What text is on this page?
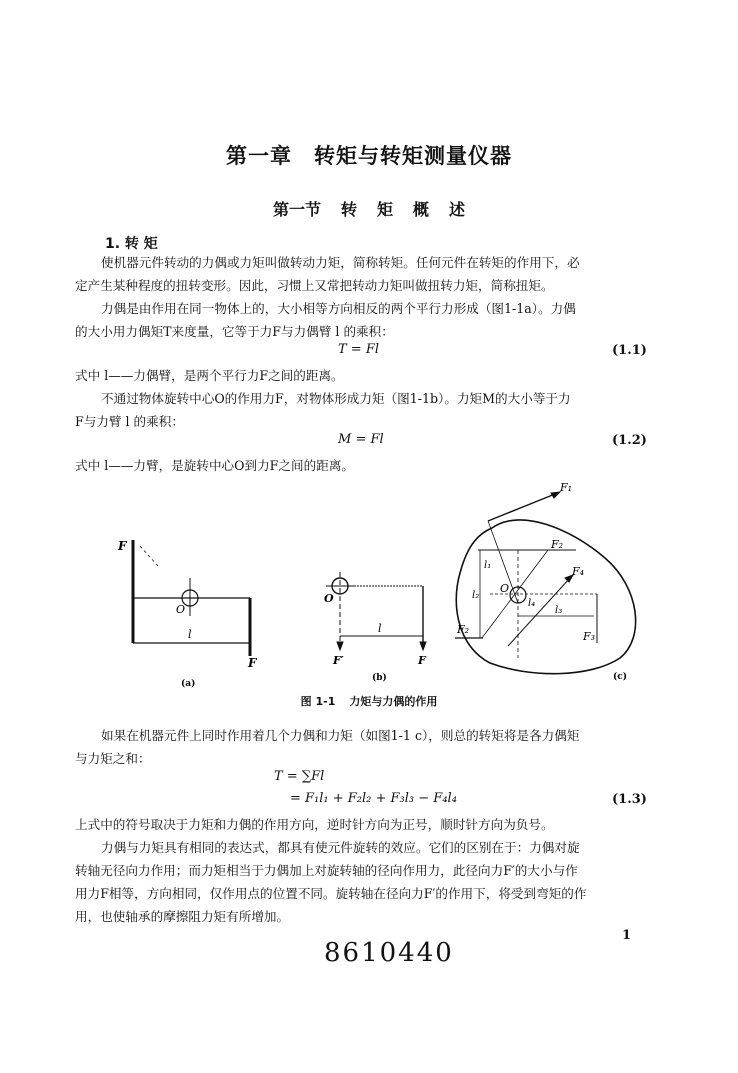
第一章 转矩与转矩测量仪器
第一节 转 矩 概 述
1. 转 矩
使机器元件转动的力偶或力矩叫做转动力矩，简称转矩。任何元件在转矩的作用下，必
定产生某种程度的扭转变形。因此，习惯上又常把转动力矩叫做扭转力矩，简称扭矩。
力偶是由作用在同一物体上的，大小相等方向相反的两个平行力形成（图1-1a）。力偶
的大小用力偶矩T来度量，它等于力F与力偶臂 l 的乘积：
T = Fl	(1.1)
式中 l——力偶臂，是两个平行力F之间的距离。
不通过物体旋转中心O的作用力F，对物体形成力矩（图1-1b）。力矩M的大小等于力
F与力臂 l 的乘积：
M = Fl	(1.2)
式中 l——力臂，是旋转中心O到力F之间的距离。
F
F
O
l
(a)
O
l
F′	F
(b)
F₁
F₂
F₂
F₃
F₄
O
l₁
l₂
l₃
l₄
(c)
图 1-1 力矩与力偶的作用
如果在机器元件上同时作用着几个力偶和力矩（如图1-1 c），则总的转矩将是各力偶矩
与力矩之和：
T = ∑Fl
= F₁l₁ + F₂l₂ + F₃l₃ − F₄l₄	(1.3)
上式中的符号取决于力矩和力偶的作用方向，逆时针方向为正号，顺时针方向为负号。
力偶与力矩具有相同的表达式，都具有使元件旋转的效应。它们的区别在于：力偶对旋
转轴无径向力作用；而力矩相当于力偶加上对旋转轴的径向作用力，此径向力F′的大小与作
用力F相等，方向相同，仅作用点的位置不同。旋转轴在径向力F′的作用下，将受到弯矩的作
用，也使轴承的摩擦阻力矩有所增加。
1
8610440
